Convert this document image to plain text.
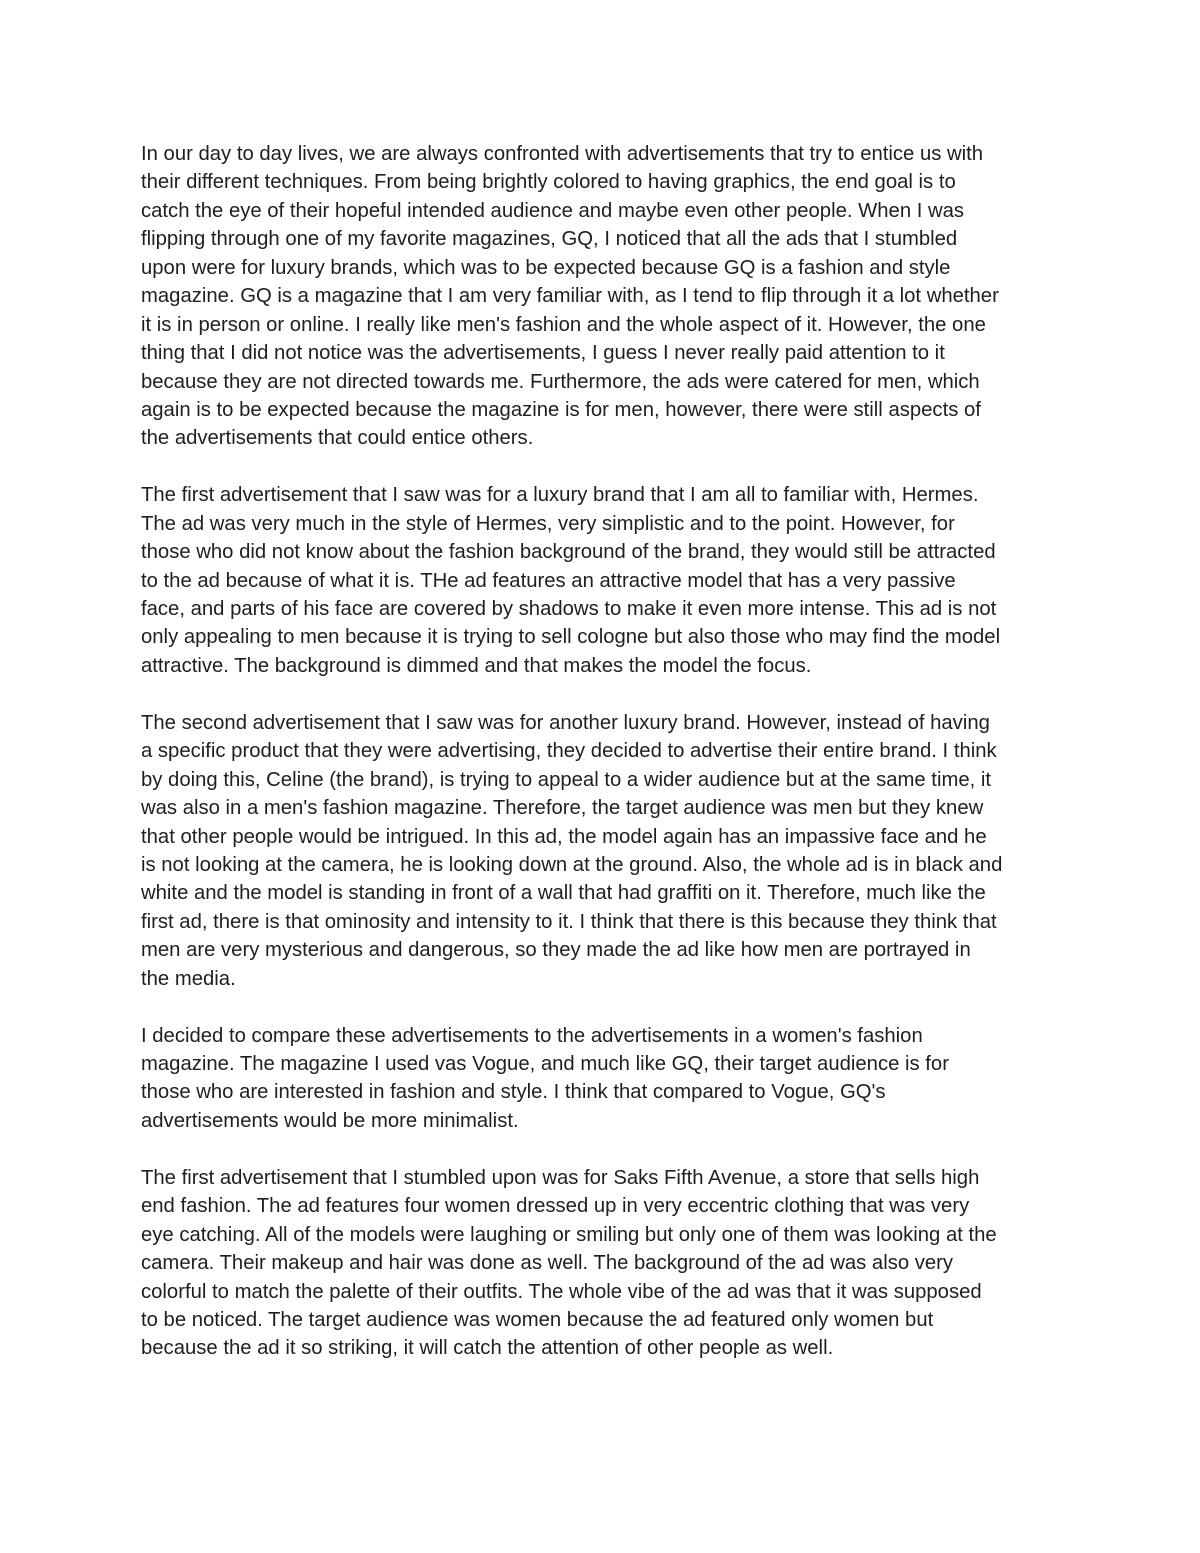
In our day to day lives, we are always confronted with advertisements that try to entice us with
their different techniques. From being brightly colored to having graphics, the end goal is to
catch the eye of their hopeful intended audience and maybe even other people. When I was
flipping through one of my favorite magazines, GQ, I noticed that all the ads that I stumbled
upon were for luxury brands, which was to be expected because GQ is a fashion and style
magazine. GQ is a magazine that I am very familiar with, as I tend to flip through it a lot whether
it is in person or online. I really like men's fashion and the whole aspect of it. However, the one
thing that I did not notice was the advertisements, I guess I never really paid attention to it
because they are not directed towards me. Furthermore, the ads were catered for men, which
again is to be expected because the magazine is for men, however, there were still aspects of
the advertisements that could entice others.
The first advertisement that I saw was for a luxury brand that I am all to familiar with, Hermes.
The ad was very much in the style of Hermes, very simplistic and to the point. However, for
those who did not know about the fashion background of the brand, they would still be attracted
to the ad because of what it is. THe ad features an attractive model that has a very passive
face, and parts of his face are covered by shadows to make it even more intense. This ad is not
only appealing to men because it is trying to sell cologne but also those who may find the model
attractive. The background is dimmed and that makes the model the focus.
The second advertisement that I saw was for another luxury brand. However, instead of having
a specific product that they were advertising, they decided to advertise their entire brand. I think
by doing this, Celine (the brand), is trying to appeal to a wider audience but at the same time, it
was also in a men's fashion magazine. Therefore, the target audience was men but they knew
that other people would be intrigued. In this ad, the model again has an impassive face and he
is not looking at the camera, he is looking down at the ground. Also, the whole ad is in black and
white and the model is standing in front of a wall that had graffiti on it. Therefore, much like the
first ad, there is that ominosity and intensity to it. I think that there is this because they think that
men are very mysterious and dangerous, so they made the ad like how men are portrayed in
the media.
I decided to compare these advertisements to the advertisements in a women's fashion
magazine. The magazine I used vas Vogue, and much like GQ, their target audience is for
those who are interested in fashion and style. I think that compared to Vogue, GQ's
advertisements would be more minimalist.
The first advertisement that I stumbled upon was for Saks Fifth Avenue, a store that sells high
end fashion. The ad features four women dressed up in very eccentric clothing that was very
eye catching. All of the models were laughing or smiling but only one of them was looking at the
camera. Their makeup and hair was done as well. The background of the ad was also very
colorful to match the palette of their outfits. The whole vibe of the ad was that it was supposed
to be noticed. The target audience was women because the ad featured only women but
because the ad it so striking, it will catch the attention of other people as well.
